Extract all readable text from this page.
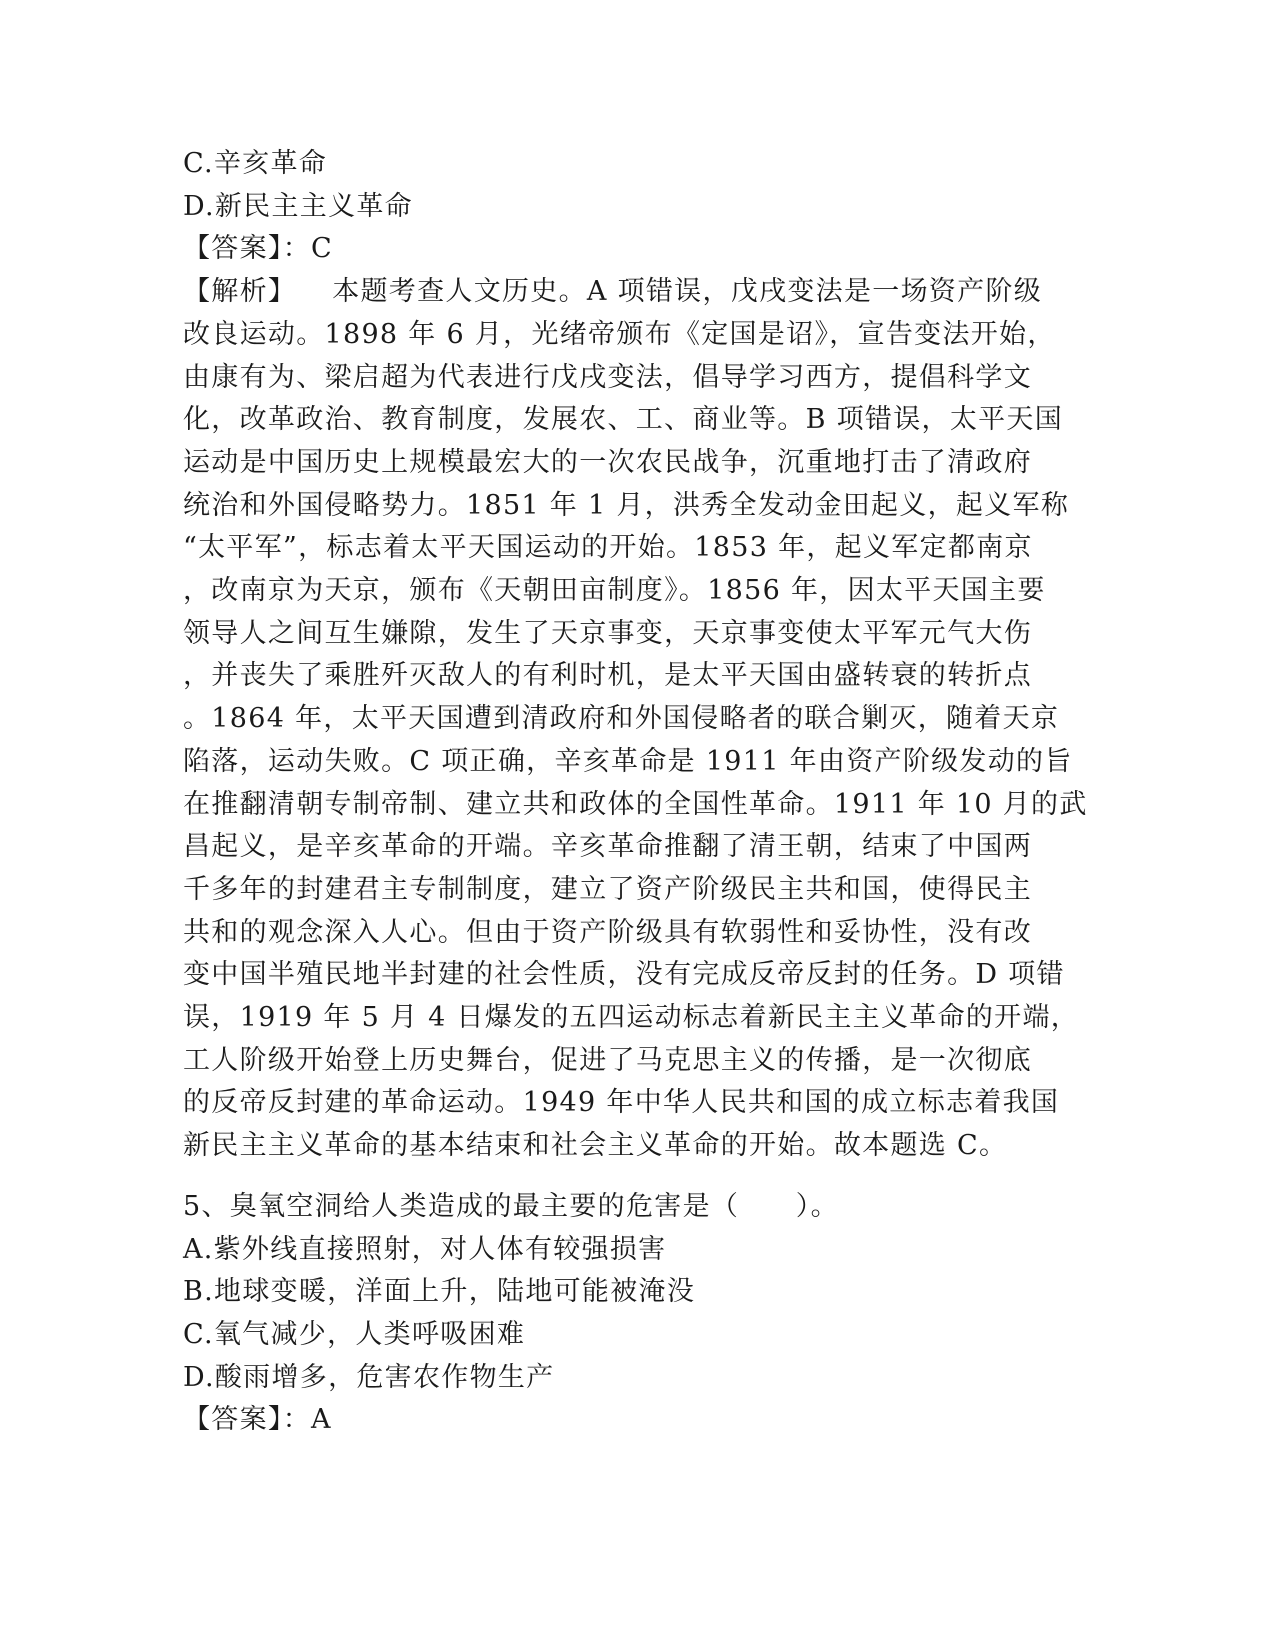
C.辛亥革命
D.新民主主义革命
【答案】：C
【解析】 本题考查人文历史。A 项错误，戊戌变法是一场资产阶级
改良运动。1898 年 6 月，光绪帝颁布《定国是诏》，宣告变法开始，
由康有为、梁启超为代表进行戊戌变法，倡导学习西方，提倡科学文
化，改革政治、教育制度，发展农、工、商业等。B 项错误，太平天国
运动是中国历史上规模最宏大的一次农民战争，沉重地打击了清政府
统治和外国侵略势力。1851 年 1 月，洪秀全发动金田起义，起义军称
“太平军”，标志着太平天国运动的开始。1853 年，起义军定都南京
，改南京为天京，颁布《天朝田亩制度》。1856 年，因太平天国主要
领导人之间互生嫌隙，发生了天京事变，天京事变使太平军元气大伤
，并丧失了乘胜歼灭敌人的有利时机，是太平天国由盛转衰的转折点
。1864 年，太平天国遭到清政府和外国侵略者的联合剿灭，随着天京
陷落，运动失败。C 项正确，辛亥革命是 1911 年由资产阶级发动的旨
在推翻清朝专制帝制、建立共和政体的全国性革命。1911 年 10 月的武
昌起义，是辛亥革命的开端。辛亥革命推翻了清王朝，结束了中国两
千多年的封建君主专制制度，建立了资产阶级民主共和国，使得民主
共和的观念深入人心。但由于资产阶级具有软弱性和妥协性，没有改
变中国半殖民地半封建的社会性质，没有完成反帝反封的任务。D 项错
误，1919 年 5 月 4 日爆发的五四运动标志着新民主主义革命的开端，
工人阶级开始登上历史舞台，促进了马克思主义的传播，是一次彻底
的反帝反封建的革命运动。1949 年中华人民共和国的成立标志着我国
新民主主义革命的基本结束和社会主义革命的开始。故本题选 C。
5、臭氧空洞给人类造成的最主要的危害是（　　）。
A.紫外线直接照射，对人体有较强损害
B.地球变暖，洋面上升，陆地可能被淹没
C.氧气减少，人类呼吸困难
D.酸雨增多，危害农作物生产
【答案】：A
